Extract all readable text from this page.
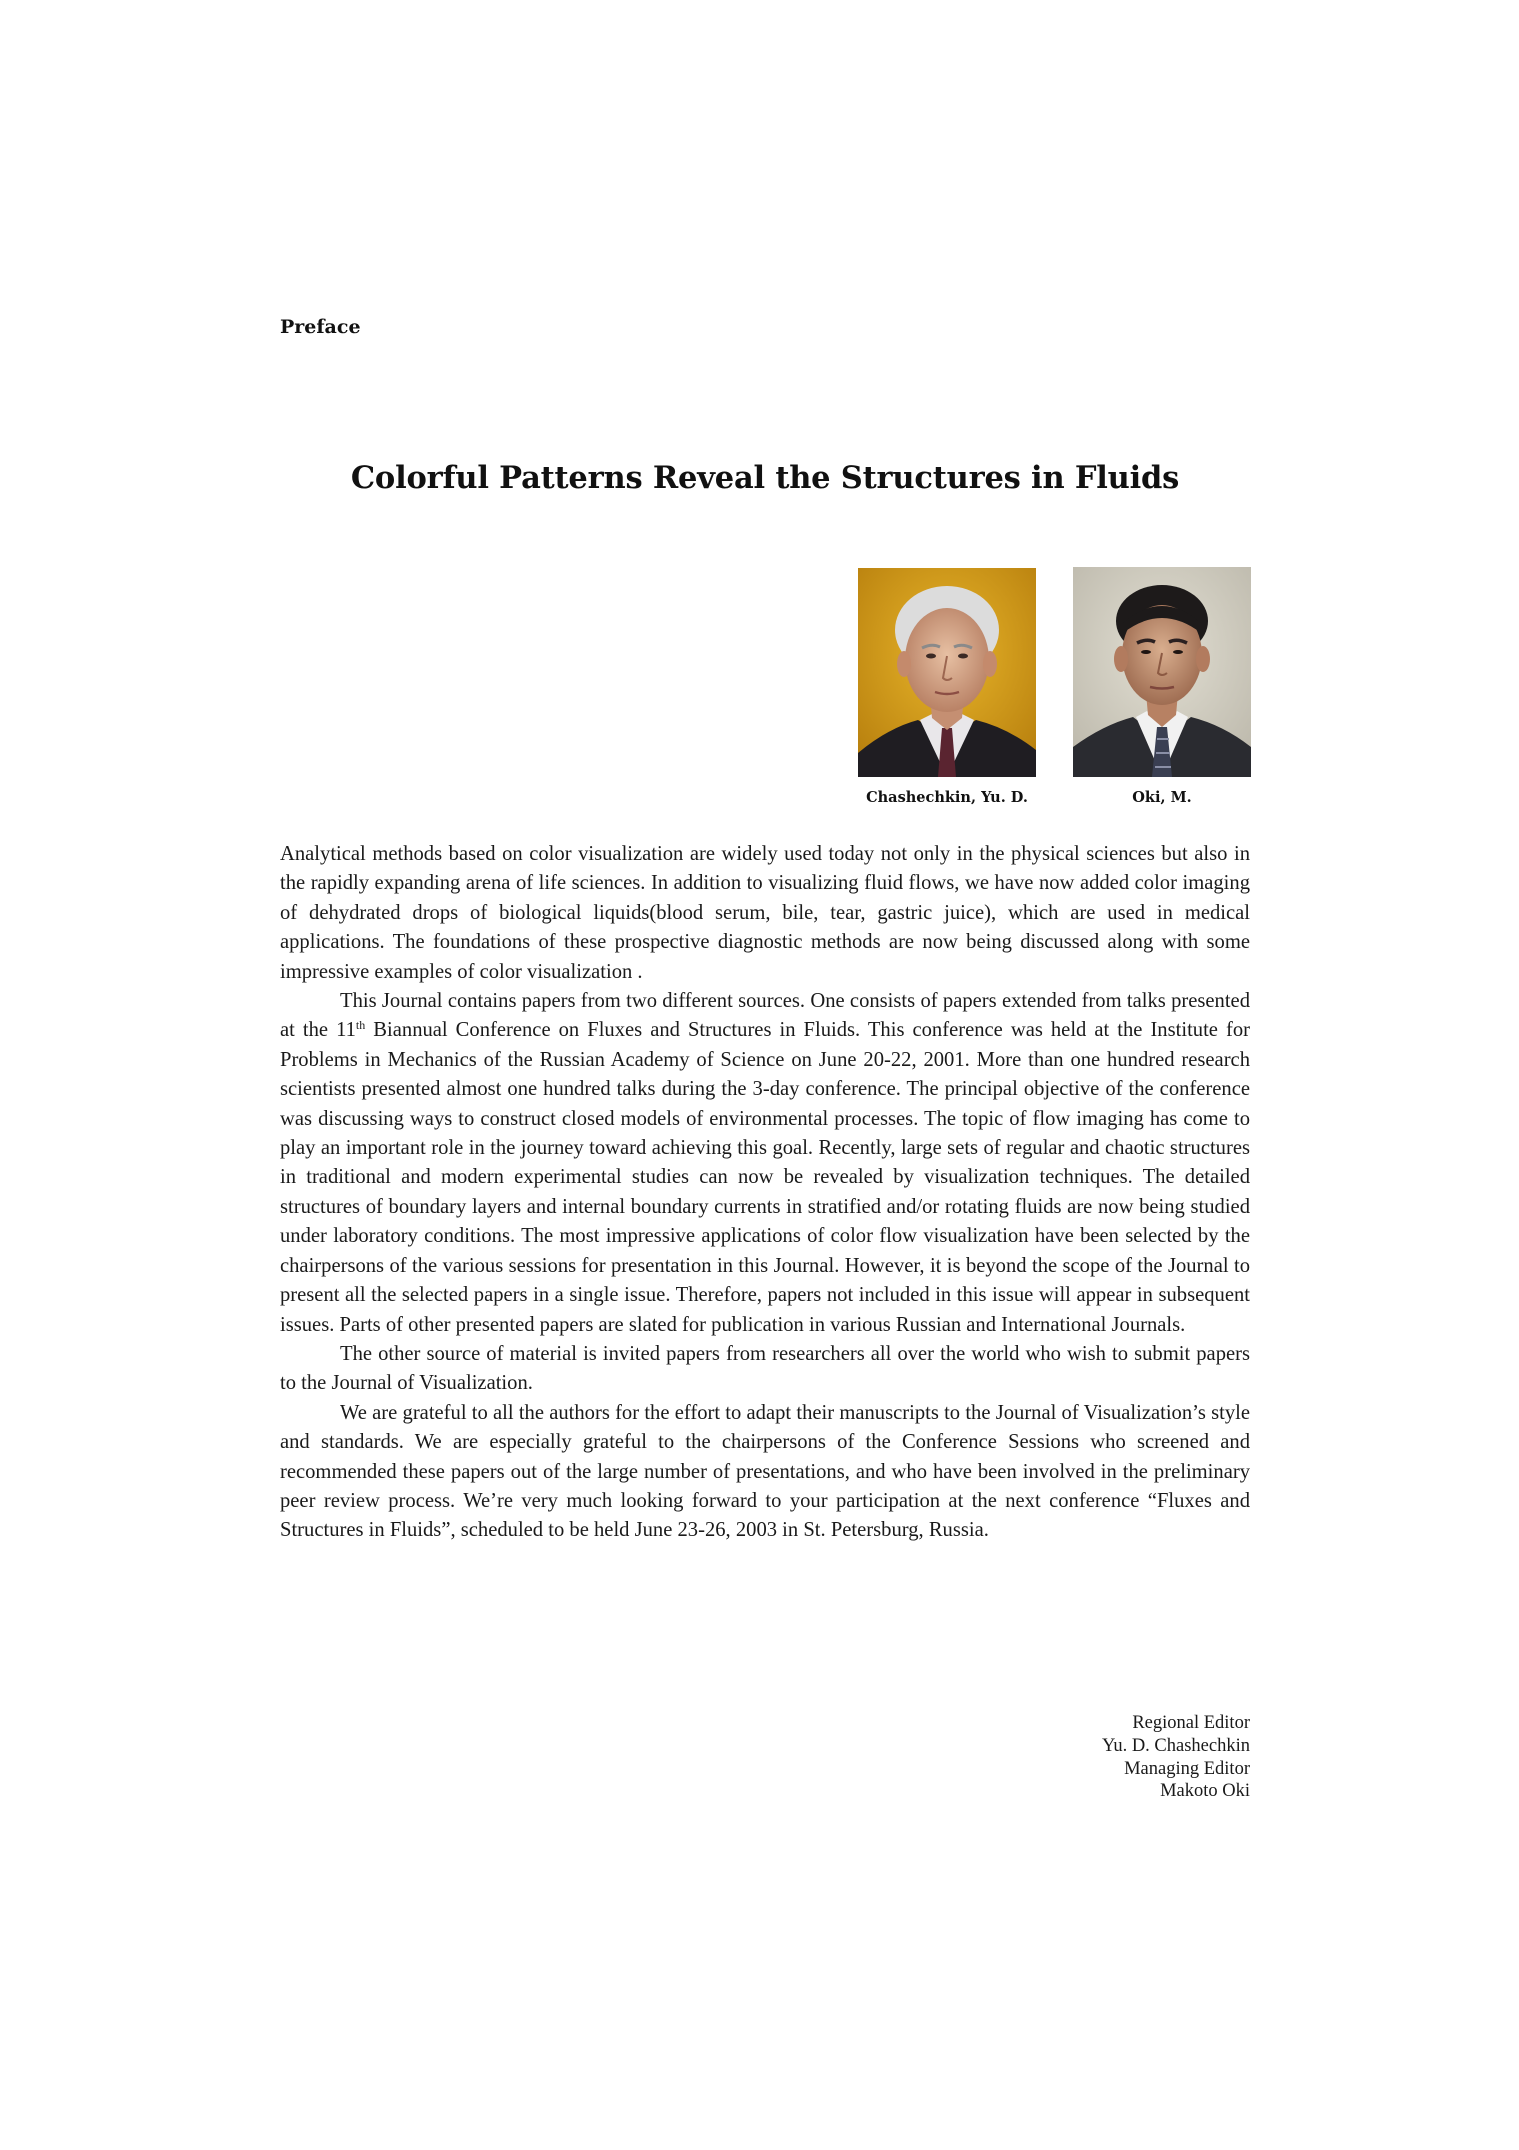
Preface
Colorful Patterns Reveal the Structures in Fluids
Chashechkin, Yu. D.	Oki, M.

Analytical methods based on color visualization are widely used today not only in the physical sciences but also in the rapidly expanding arena of life sciences. In addition to visualizing fluid flows, we have now added color imaging of dehydrated drops of biological liquids(blood serum, bile, tear, gastric juice), which are used in medical applications. The foundations of these prospective diagnostic methods are now being discussed along with some impressive examples of color visualization .

This Journal contains papers from two different sources. One consists of papers extended from talks presented at the 11th Biannual Conference on Fluxes and Structures in Fluids. This conference was held at the Institute for Problems in Mechanics of the Russian Academy of Science on June 20-22, 2001. More than one hundred research scientists presented almost one hundred talks during the 3-day conference. The principal objective of the conference was discussing ways to construct closed models of environmental processes. The topic of flow imaging has come to play an important role in the journey toward achieving this goal. Recently, large sets of regular and chaotic structures in traditional and modern experimental studies can now be revealed by visualization techniques. The detailed structures of boundary layers and internal boundary currents in stratified and/or rotating fluids are now being studied under laboratory conditions. The most impressive applications of color flow visualization have been selected by the chairpersons of the various sessions for presentation in this Journal. However, it is beyond the scope of the Journal to present all the selected papers in a single issue. Therefore, papers not included in this issue will appear in subsequent issues. Parts of other presented papers are slated for publication in various Russian and International Journals.

The other source of material is invited papers from researchers all over the world who wish to submit papers to the Journal of Visualization.

We are grateful to all the authors for the effort to adapt their manuscripts to the Journal of Visualization’s style and standards. We are especially grateful to the chairpersons of the Conference Sessions who screened and recommended these papers out of the large number of presentations, and who have been involved in the preliminary peer review process. We’re very much looking forward to your participation at the next conference “Fluxes and Structures in Fluids”, scheduled to be held June 23-26, 2003 in St. Petersburg, Russia.

Regional Editor
Yu. D. Chashechkin
Managing Editor
Makoto Oki
